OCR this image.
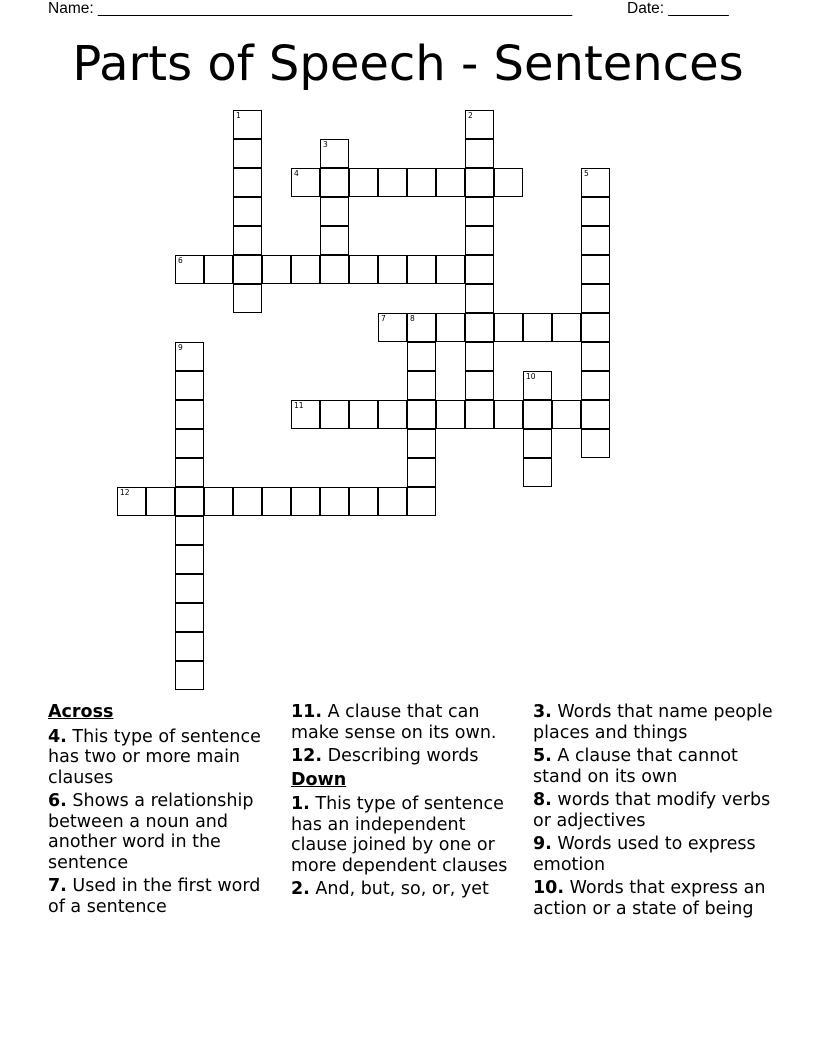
Name: _______________________________________________________	Date: _______
Parts of Speech - Sentences
1	2
3
4	5
6
7	8
9
10
11
12
Across
4. This type of sentence has two or more main clauses
6. Shows a relationship between a noun and another word in the sentence
7. Used in the first word of a sentence
11. A clause that can make sense on its own.
12. Describing words
Down
1. This type of sentence has an independent clause joined by one or more dependent clauses
2. And, but, so, or, yet
3. Words that name people places and things
5. A clause that cannot stand on its own
8. words that modify verbs or adjectives
9. Words used to express emotion
10. Words that express an action or a state of being
